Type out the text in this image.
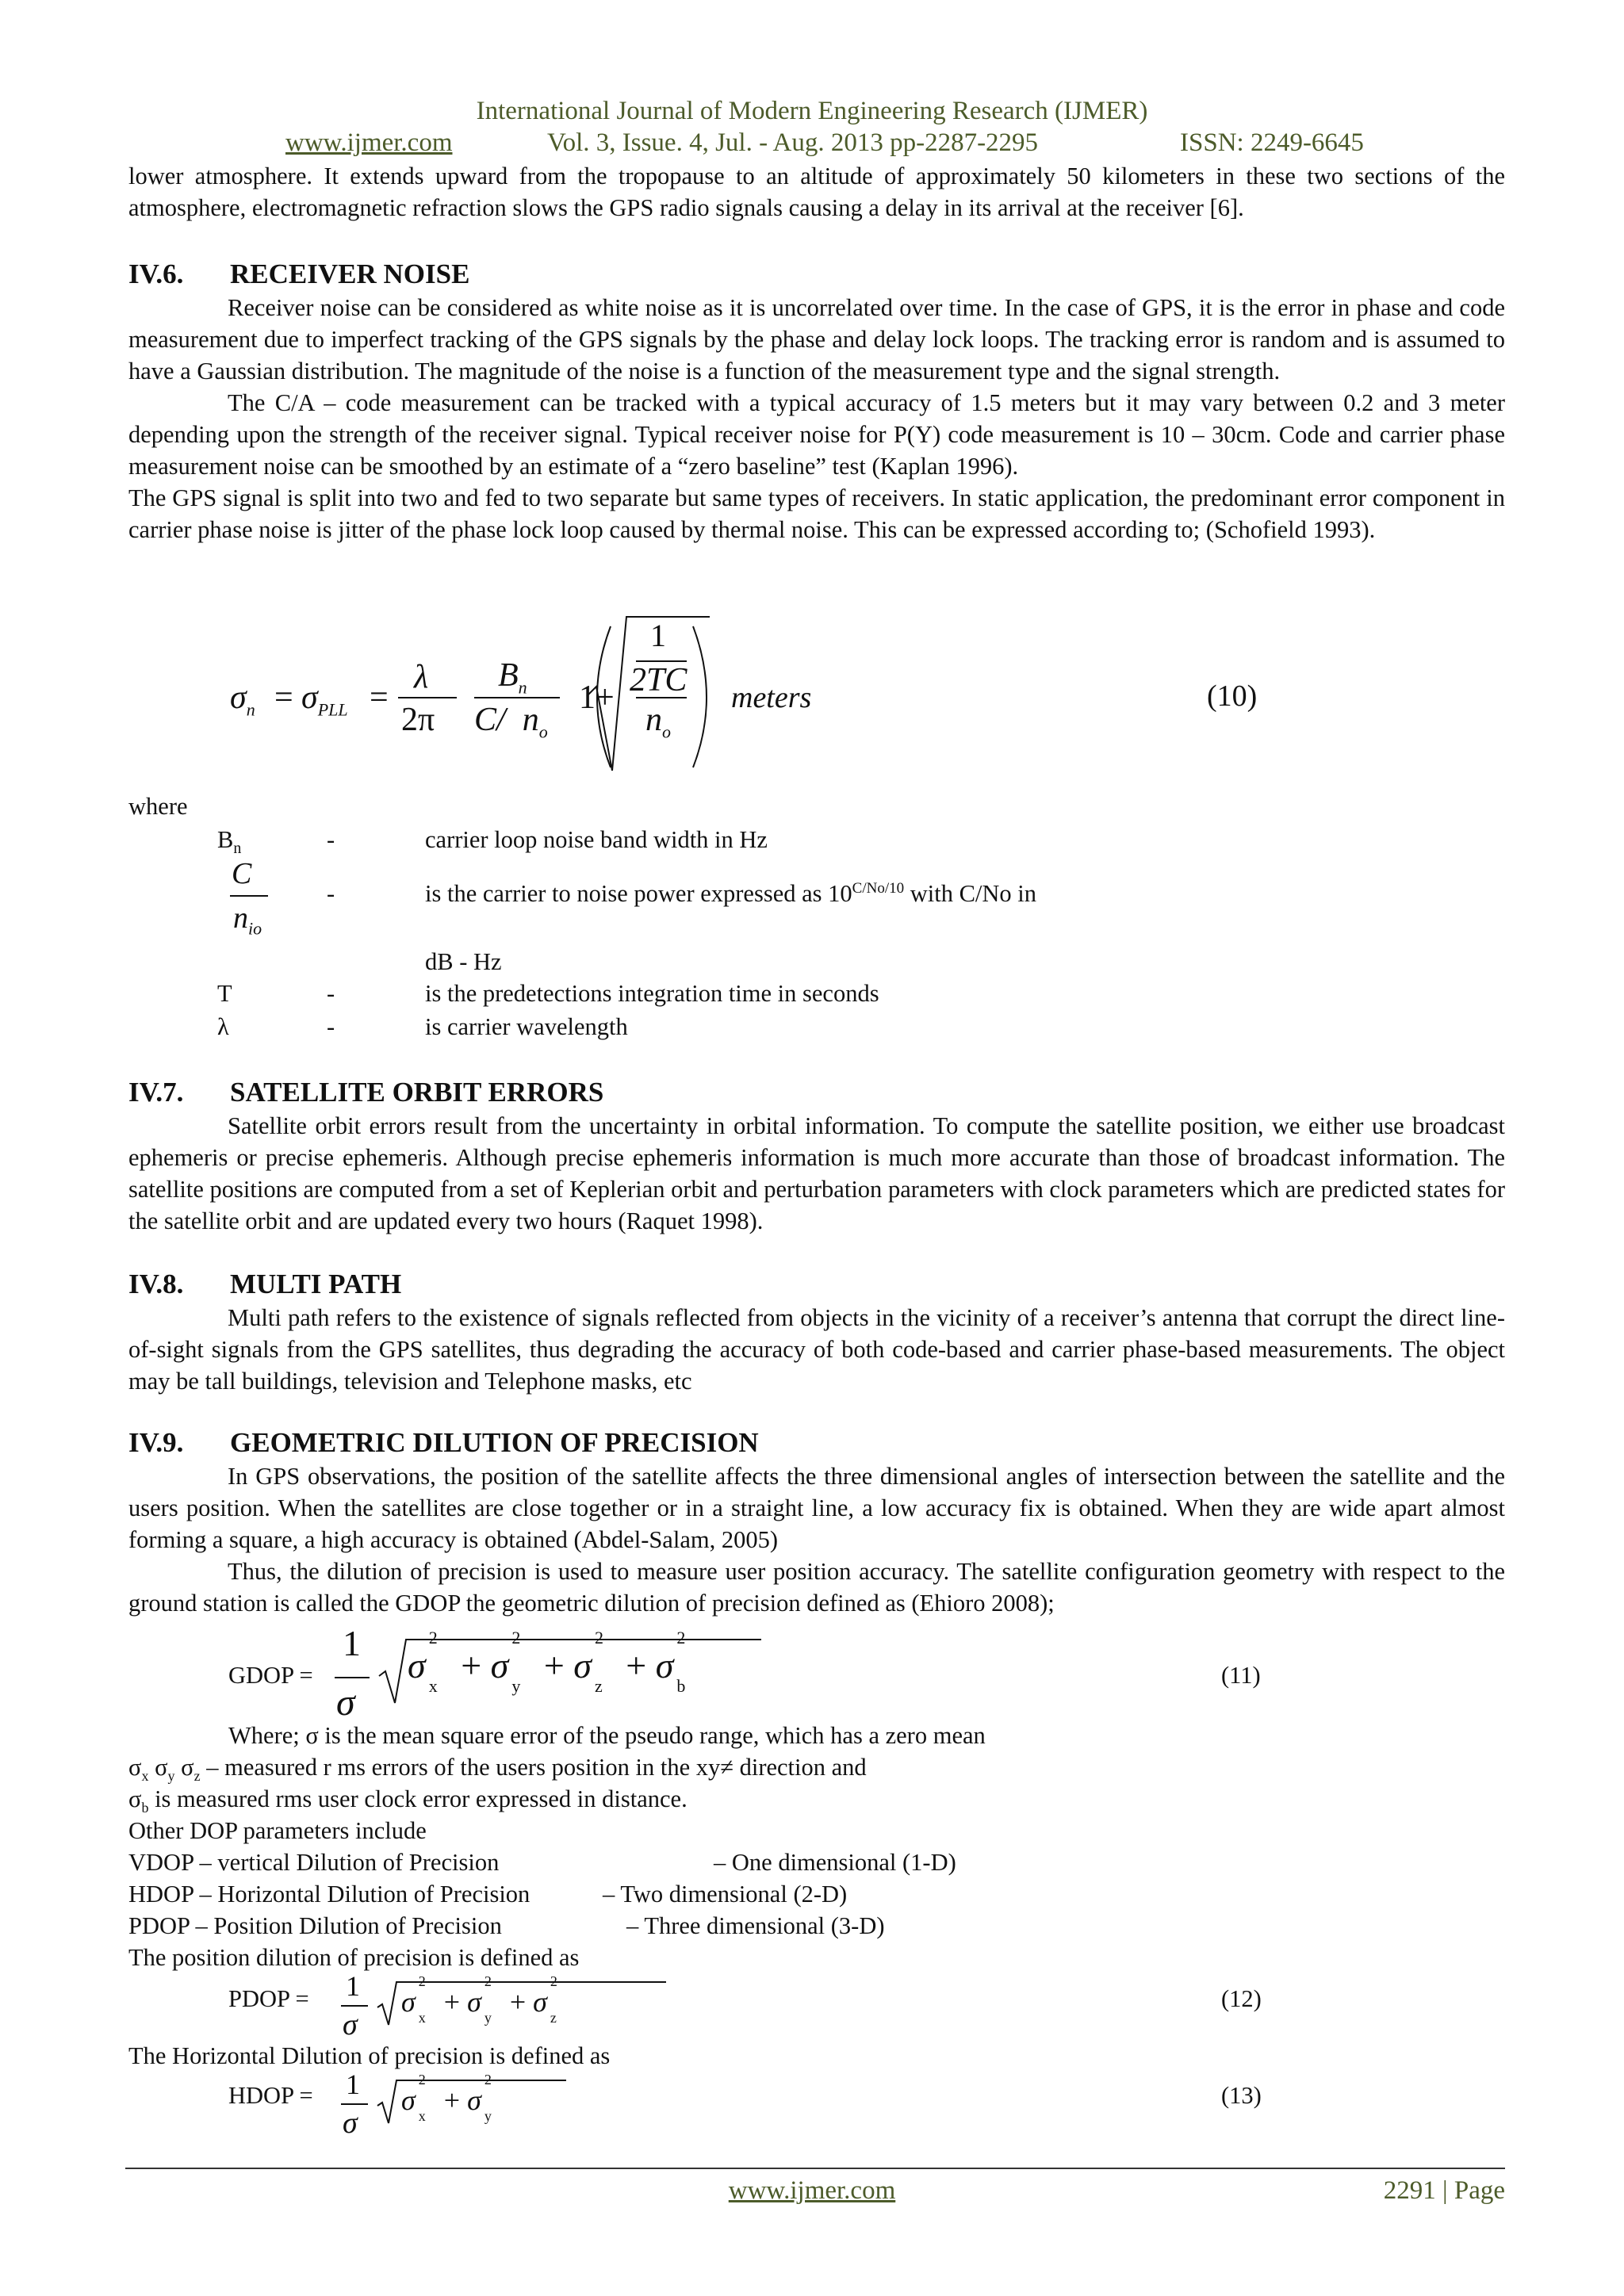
International Journal of Modern Engineering Research (IJMER)
www.ijmer.com	Vol. 3, Issue. 4, Jul. - Aug. 2013 pp-2287-2295	ISSN: 2249-6645

lower atmosphere. It extends upward from the tropopause to an altitude of approximately 50 kilometers in these two sections of the atmosphere, electromagnetic refraction slows the GPS radio signals causing a delay in its arrival at the receiver [6].

IV.6. RECEIVER NOISE

Receiver noise can be considered as white noise as it is uncorrelated over time. In the case of GPS, it is the error in phase and code measurement due to imperfect tracking of the GPS signals by the phase and delay lock loops. The tracking error is random and is assumed to have a Gaussian distribution. The magnitude of the noise is a function of the measurement type and the signal strength.

The C/A – code measurement can be tracked with a typical accuracy of 1.5 meters but it may vary between 0.2 and 3 meter depending upon the strength of the receiver signal. Typical receiver noise for P(Y) code measurement is 10 – 30cm. Code and carrier phase measurement noise can be smoothed by an estimate of a “zero baseline” test (Kaplan 1996).

The GPS signal is split into two and fed to two separate but same types of receivers. In static application, the predominant error component in carrier phase noise is jitter of the phase lock loop caused by thermal noise. This can be expressed according to; (Schofield 1993).

$\sigma_n = \sigma_{PLL}$ =
λ
2π
$B_n$
C/ $n_o$
1+
1
2TC
$n_o$
meters	(10)
where
$B_n$	-	carrier loop noise band width in Hz
C
$n_{io}$
-	is the carrier to noise power expressed as $10^{C/No/10}$ with C/No in
dB - Hz
T	-	is the predetections integration time in seconds
λ	-	is carrier wavelength
IV.7. SATELLITE ORBIT ERRORS

Satellite orbit errors result from the uncertainty in orbital information. To compute the satellite position, we either use broadcast ephemeris or precise ephemeris. Although precise ephemeris information is much more accurate than those of broadcast information. The satellite positions are computed from a set of Keplerian orbit and perturbation parameters with clock parameters which are predicted states for the satellite orbit and are updated every two hours (Raquet 1998).

IV.8. MULTI PATH

Multi path refers to the existence of signals reflected from objects in the vicinity of a receiver’s antenna that corrupt the direct line-of-sight signals from the GPS satellites, thus degrading the accuracy of both code-based and carrier phase-based measurements. The object may be tall buildings, television and Telephone masks, etc

IV.9. GEOMETRIC DILUTION OF PRECISION

In GPS observations, the position of the satellite affects the three dimensional angles of intersection between the satellite and the users position. When the satellites are close together or in a straight line, a low accuracy fix is obtained. When they are wide apart almost forming a square, a high accuracy is obtained (Abdel-Salam, 2005)

Thus, the dilution of precision is used to measure user position accuracy. The satellite configuration geometry with respect to the ground station is called the GDOP the geometric dilution of precision defined as (Ehioro 2008);

GDOP =
1
σ
σ
2
$_x$ + σ
2
$_y$ + σ
2
$_z$ + σ
2
$_b$	(11)
Where; σ is the mean square error of the pseudo range, which has a zero mean
$\sigma_x$ $\sigma_y$ $\sigma_z$ – measured r ms errors of the users position in the xy≠ direction and
$\sigma_b$ is measured rms user clock error expressed in distance.
Other DOP parameters include
VDOP – vertical Dilution of Precision	– One dimensional (1-D)
HDOP – Horizontal Dilution of Precision	– Two dimensional (2-D)
PDOP – Position Dilution of Precision	– Three dimensional (3-D)
The position dilution of precision is defined as
PDOP = 1
σ
σ
2
$_x$ + σ
2
$_y$ + σ
2
$_z$
(12)
The Horizontal Dilution of precision is defined as
HDOP = 1
σ
σ
2
$_x$ + σ
2
$_y$
(13)
www.ijmer.com	2291 | Page
